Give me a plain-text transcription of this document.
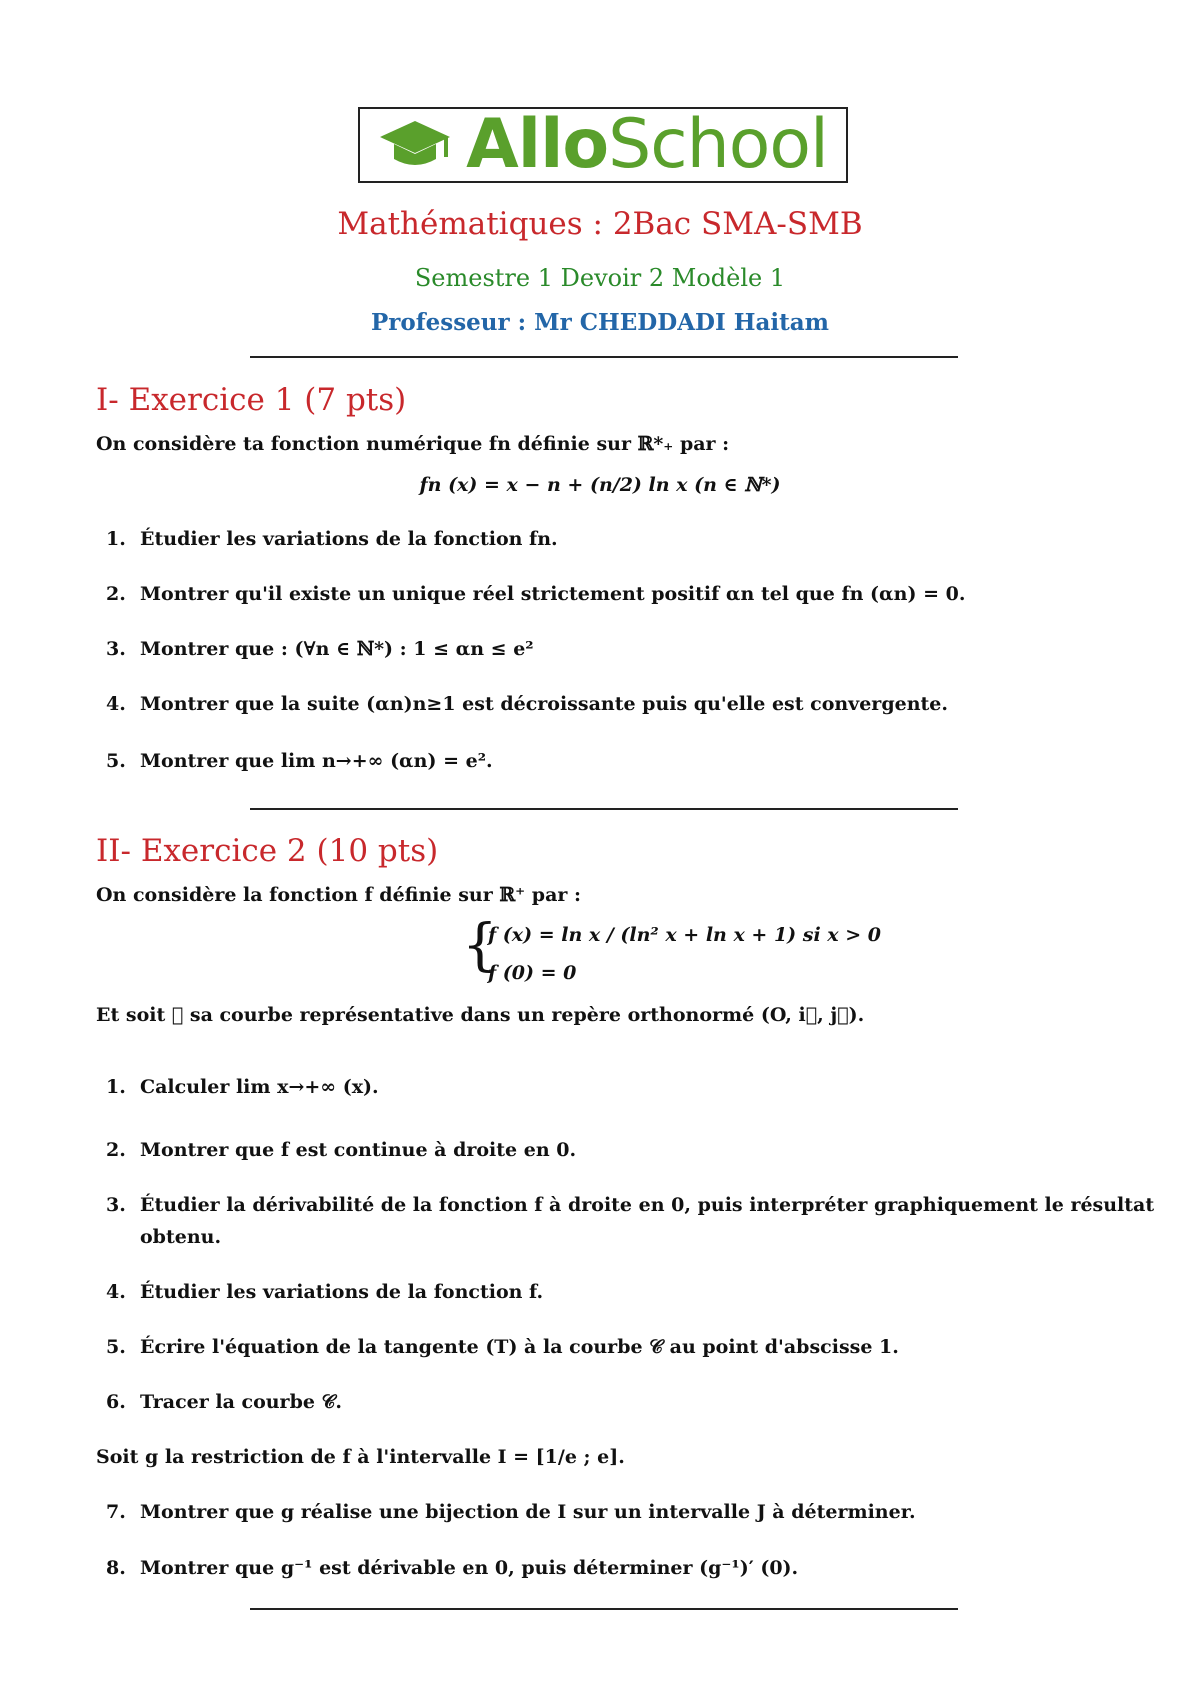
AlloSchool
Mathématiques : 2Bac SMA-SMB
Semestre 1 Devoir 2 Modèle 1
Professeur : Mr CHEDDADI Haitam
I- Exercice 1 (7 pts)
On considère ta fonction numérique fn définie sur ℝ*₊ par :
fn (x) = x − n + (n/2) ln x (n ∈ ℕ*)
1. Étudier les variations de la fonction fn.
2. Montrer qu'il existe un unique réel strictement positif αn tel que fn (αn) = 0.
3. Montrer que : (∀n ∈ ℕ*) : 1 ≤ αn ≤ e²
4. Montrer que la suite (αn)n≥1 est décroissante puis qu'elle est convergente.
5. Montrer que lim n→+∞ (αn) = e².
II- Exercice 2 (10 pts)
On considère la fonction f définie sur ℝ⁺ par :
{
f (x) = ln x / (ln² x + ln x + 1) si x > 0
f (0) = 0
Et soit 𝒞 sa courbe représentative dans un repère orthonormé (O, i⃗, j⃗).
1. Calculer lim x→+∞ (x).
2. Montrer que f est continue à droite en 0.
3. Étudier la dérivabilité de la fonction f à droite en 0, puis interpréter graphiquement le résultat
obtenu.
4. Étudier les variations de la fonction f.
5. Écrire l'équation de la tangente (T) à la courbe 𝒞 au point d'abscisse 1.
6. Tracer la courbe 𝒞.
Soit g la restriction de f à l'intervalle I = [1/e ; e].
7. Montrer que g réalise une bijection de I sur un intervalle J à déterminer.
8. Montrer que g⁻¹ est dérivable en 0, puis déterminer (g⁻¹)′ (0).
